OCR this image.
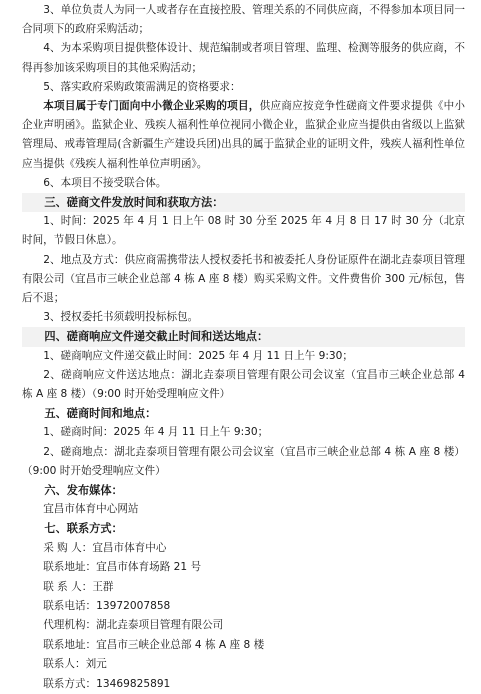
3、单位负责人为同一人或者存在直接控股、管理关系的不同供应商，不得参加本项目同一合同项下的政府采购活动；

4、为本采购项目提供整体设计、规范编制或者项目管理、监理、检测等服务的供应商，不得再参加该采购项目的其他采购活动；

5、落实政府采购政策需满足的资格要求：

本项目属于专门面向中小微企业采购的项目，供应商应按竞争性磋商文件要求提供《中小企业声明函》。监狱企业、残疾人福利性单位视同小微企业，监狱企业应当提供由省级以上监狱管理局、戒毒管理局(含新疆生产建设兵团)出具的属于监狱企业的证明文件，残疾人福利性单位应当提供《残疾人福利性单位声明函》。

6、本项目不接受联合体。

三、磋商文件发放时间和获取方法：

1、时间：2025 年 4 月 1 日上午 08 时 30 分至 2025 年 4 月 8 日 17 时 30 分（北京时间，节假日休息）。

2、地点及方式：供应商需携带法人授权委托书和被委托人身份证原件在湖北垚泰项目管理有限公司（宜昌市三峡企业总部 4 栋 A 座 8 楼）购买采购文件。文件费售价 300 元/标包，售后不退；

3、授权委托书须载明投标标包。

四、磋商响应文件递交截止时间和送达地点：

1、磋商响应文件递交截止时间：2025 年 4 月 11 日上午 9:30；

2、磋商响应文件送达地点：湖北垚泰项目管理有限公司会议室（宜昌市三峡企业总部 4 栋 A 座 8 楼）（9:00 时开始受理响应文件）

五、磋商时间和地点：

1、磋商时间：2025 年 4 月 11 日上午 9:30；

2、磋商地点：湖北垚泰项目管理有限公司会议室（宜昌市三峡企业总部 4 栋 A 座 8 楼）（9:00 时开始受理响应文件）

六、发布媒体：

宜昌市体育中心网站

七、联系方式：

采 购 人：宜昌市体育中心
联系地址：宜昌市体育场路 21 号
联 系 人：王群
联系电话：13972007858
代理机构：湖北垚泰项目管理有限公司
联系地址：宜昌市三峡企业总部 4 栋 A 座 8 楼
联系人：刘元
联系方式：13469825891
